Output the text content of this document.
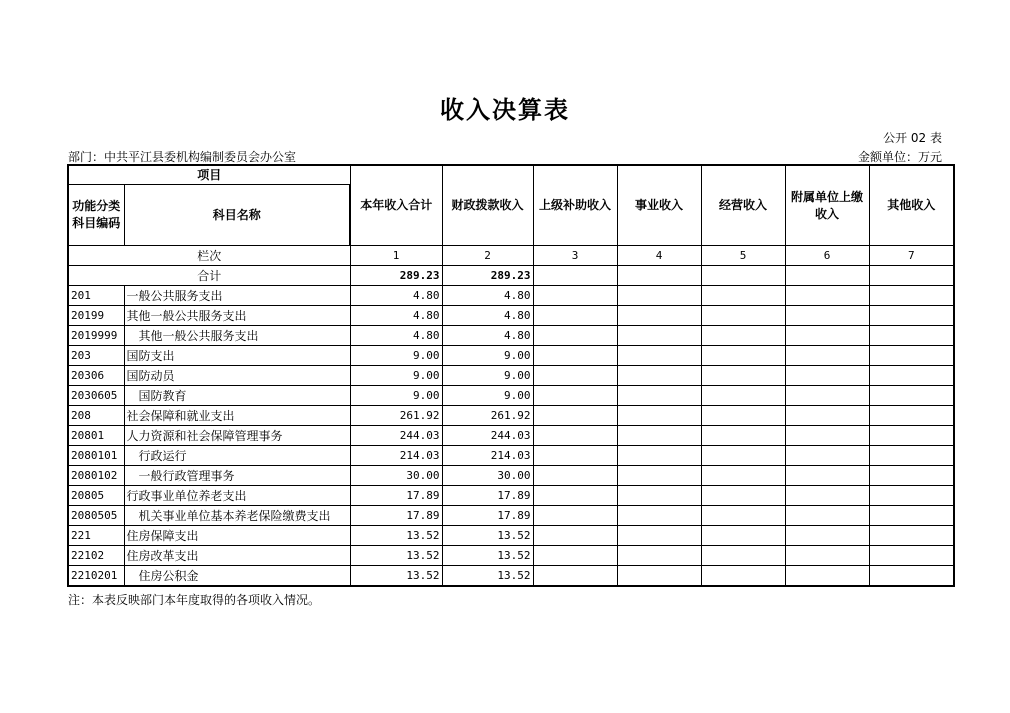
收入决算表
公开 02 表
部门：中共平江县委机构编制委员会办公室	金额单位：万元
项目		本年收入合计	财政拨款收入	上级补助收入	事业收入	经营收入	附属单位上缴收入	其他收入
功能分类科目编码	科目名称							
栏次		1	2	3	4	5	6	7
合计		289.23	289.23					
201	一般公共服务支出	4.80	4.80					
20199	其他一般公共服务支出	4.80	4.80					
2019999	其他一般公共服务支出	4.80	4.80					
203	国防支出	9.00	9.00					
20306	国防动员	9.00	9.00					
2030605	国防教育	9.00	9.00					
208	社会保障和就业支出	261.92	261.92					
20801	人力资源和社会保障管理事务	244.03	244.03					
2080101	行政运行	214.03	214.03					
2080102	一般行政管理事务	30.00	30.00					
20805	行政事业单位养老支出	17.89	17.89					
2080505	机关事业单位基本养老保险缴费支出	17.89	17.89					
221	住房保障支出	13.52	13.52					
22102	住房改革支出	13.52	13.52					
2210201	住房公积金	13.52	13.52					
注：本表反映部门本年度取得的各项收入情况。
